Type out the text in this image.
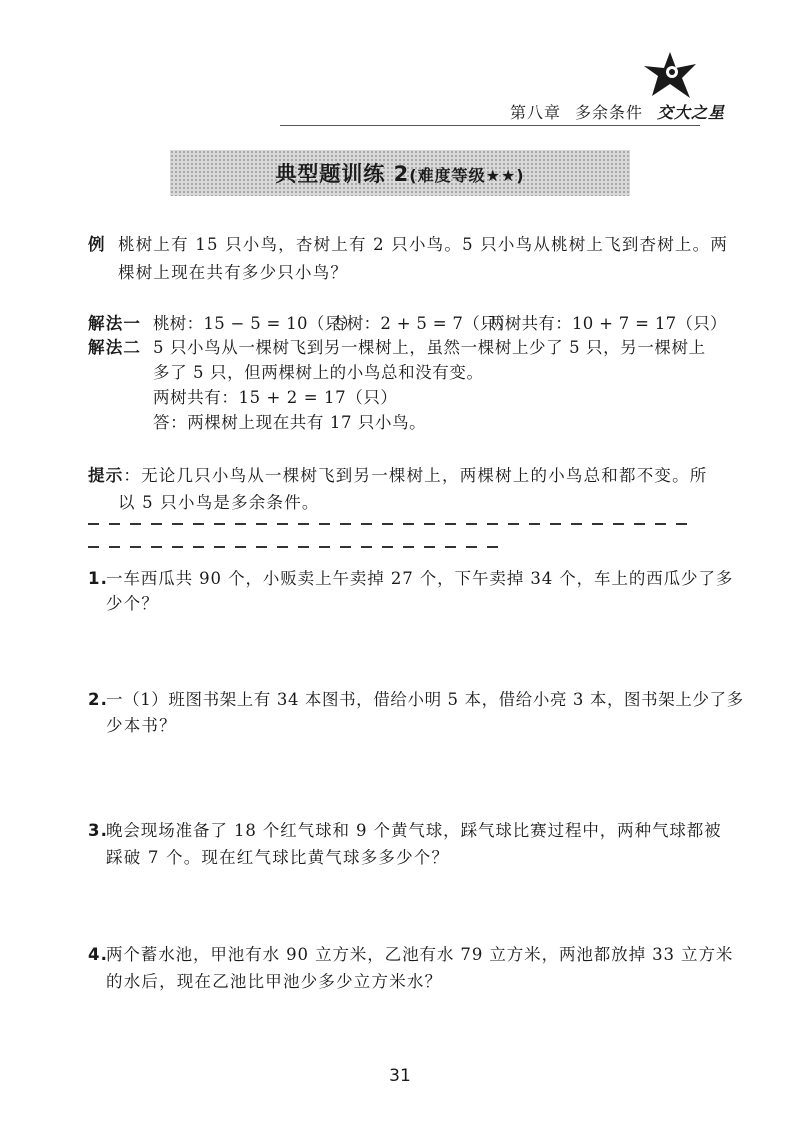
第八章 多余条件 交大之星
典型题训练 2(难度等级★★)
例 桃树上有 15 只小鸟，杏树上有 2 只小鸟。5 只小鸟从桃树上飞到杏树上。两
棵树上现在共有多少只小鸟？
解法一 桃树：15 − 5 = 10（只）
杏树：2 + 5 = 7（只）
两树共有：10 + 7 = 17（只）
解法二 5 只小鸟从一棵树飞到另一棵树上，虽然一棵树上少了 5 只，另一棵树上
多了 5 只，但两棵树上的小鸟总和没有变。
两树共有：15 + 2 = 17（只）
答：两棵树上现在共有 17 只小鸟。
提示：无论几只小鸟从一棵树飞到另一棵树上，两棵树上的小鸟总和都不变。所
以 5 只小鸟是多余条件。
1.
一车西瓜共 90 个，小贩卖上午卖掉 27 个，下午卖掉 34 个，车上的西瓜少了多
少个？
2.
一（1）班图书架上有 34 本图书，借给小明 5 本，借给小亮 3 本，图书架上少了多
少本书？
3.
晚会现场准备了 18 个红气球和 9 个黄气球，踩气球比赛过程中，两种气球都被
踩破 7 个。现在红气球比黄气球多多少个？
4.
两个蓄水池，甲池有水 90 立方米，乙池有水 79 立方米，两池都放掉 33 立方米
的水后，现在乙池比甲池少多少立方米水？
31
